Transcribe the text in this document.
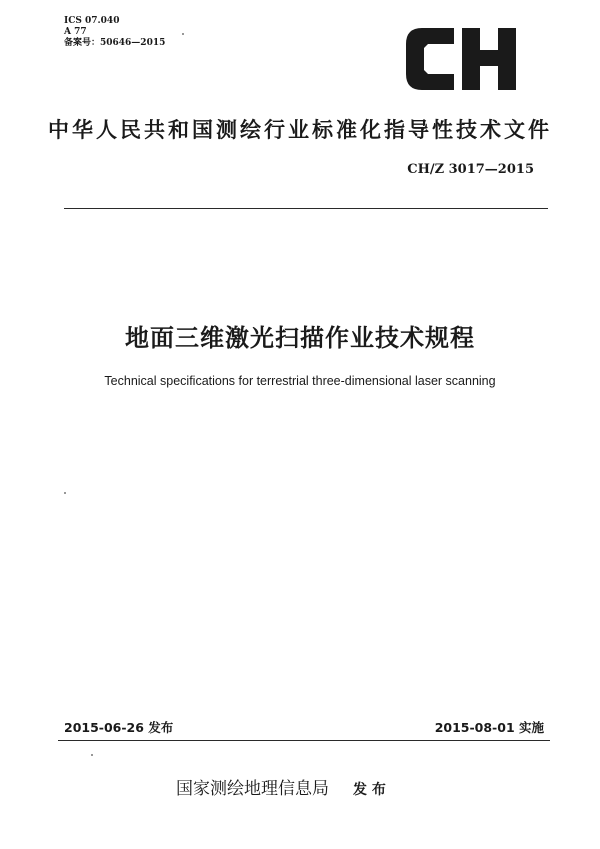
ICS 07.040
A 77
备案号：50646—2015
中华人民共和国测绘行业标准化指导性技术文件
CH/Z 3017—2015
地面三维激光扫描作业技术规程
Technical specifications for terrestrial three-dimensional laser scanning
2015-06-26 发布	2015-08-01 实施
国家测绘地理信息局 发 布
